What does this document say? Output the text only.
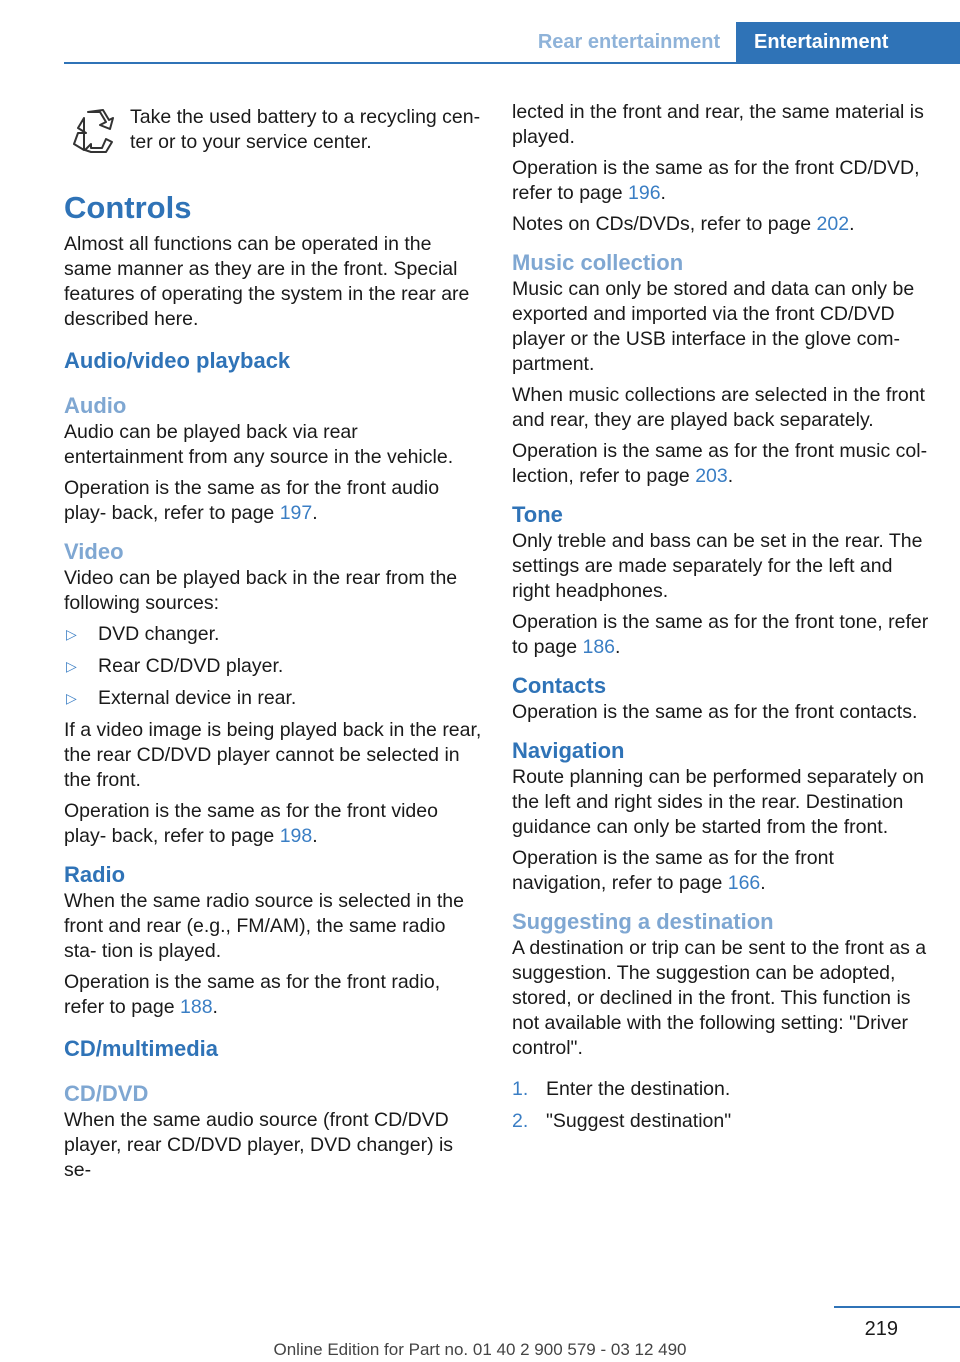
Rear entertainment	Entertainment
Take the used battery to a recycling cen- ter or to your service center.
Controls

Almost all functions can be operated in the same manner as they are in the front. Special features of operating the system in the rear are described here.

Audio/video playback
Audio

Audio can be played back via rear entertainment from any source in the vehicle.

Operation is the same as for the front audio play- back, refer to page 197.

Video

Video can be played back in the rear from the following sources:

▷	DVD changer.
▷	Rear CD/DVD player.
▷	External device in rear.

If a video image is being played back in the rear, the rear CD/DVD player cannot be selected in the front.

Operation is the same as for the front video play- back, refer to page 198.

Radio

When the same radio source is selected in the front and rear (e.g., FM/AM), the same radio sta- tion is played.

Operation is the same as for the front radio, refer to page 188.

CD/multimedia
CD/DVD

When the same audio source (front CD/DVD player, rear CD/DVD player, DVD changer) is se-

lected in the front and rear, the same material is played.

Operation is the same as for the front CD/DVD, refer to page 196.

Notes on CDs/DVDs, refer to page 202.

Music collection

Music can only be stored and data can only be exported and imported via the front CD/DVD player or the USB interface in the glove com- partment.

When music collections are selected in the front and rear, they are played back separately.

Operation is the same as for the front music col- lection, refer to page 203.

Tone

Only treble and bass can be set in the rear. The settings are made separately for the left and right headphones.

Operation is the same as for the front tone, refer to page 186.

Contacts

Operation is the same as for the front contacts.

Navigation

Route planning can be performed separately on the left and right sides in the rear. Destination guidance can only be started from the front.

Operation is the same as for the front navigation, refer to page 166.

Suggesting a destination

A destination or trip can be sent to the front as a suggestion. The suggestion can be adopted, stored, or declined in the front. This function is not available with the following setting: "Driver control".

1. Enter the destination.
2. "Suggest destination"
219
Online Edition for Part no. 01 40 2 900 579 - 03 12 490
